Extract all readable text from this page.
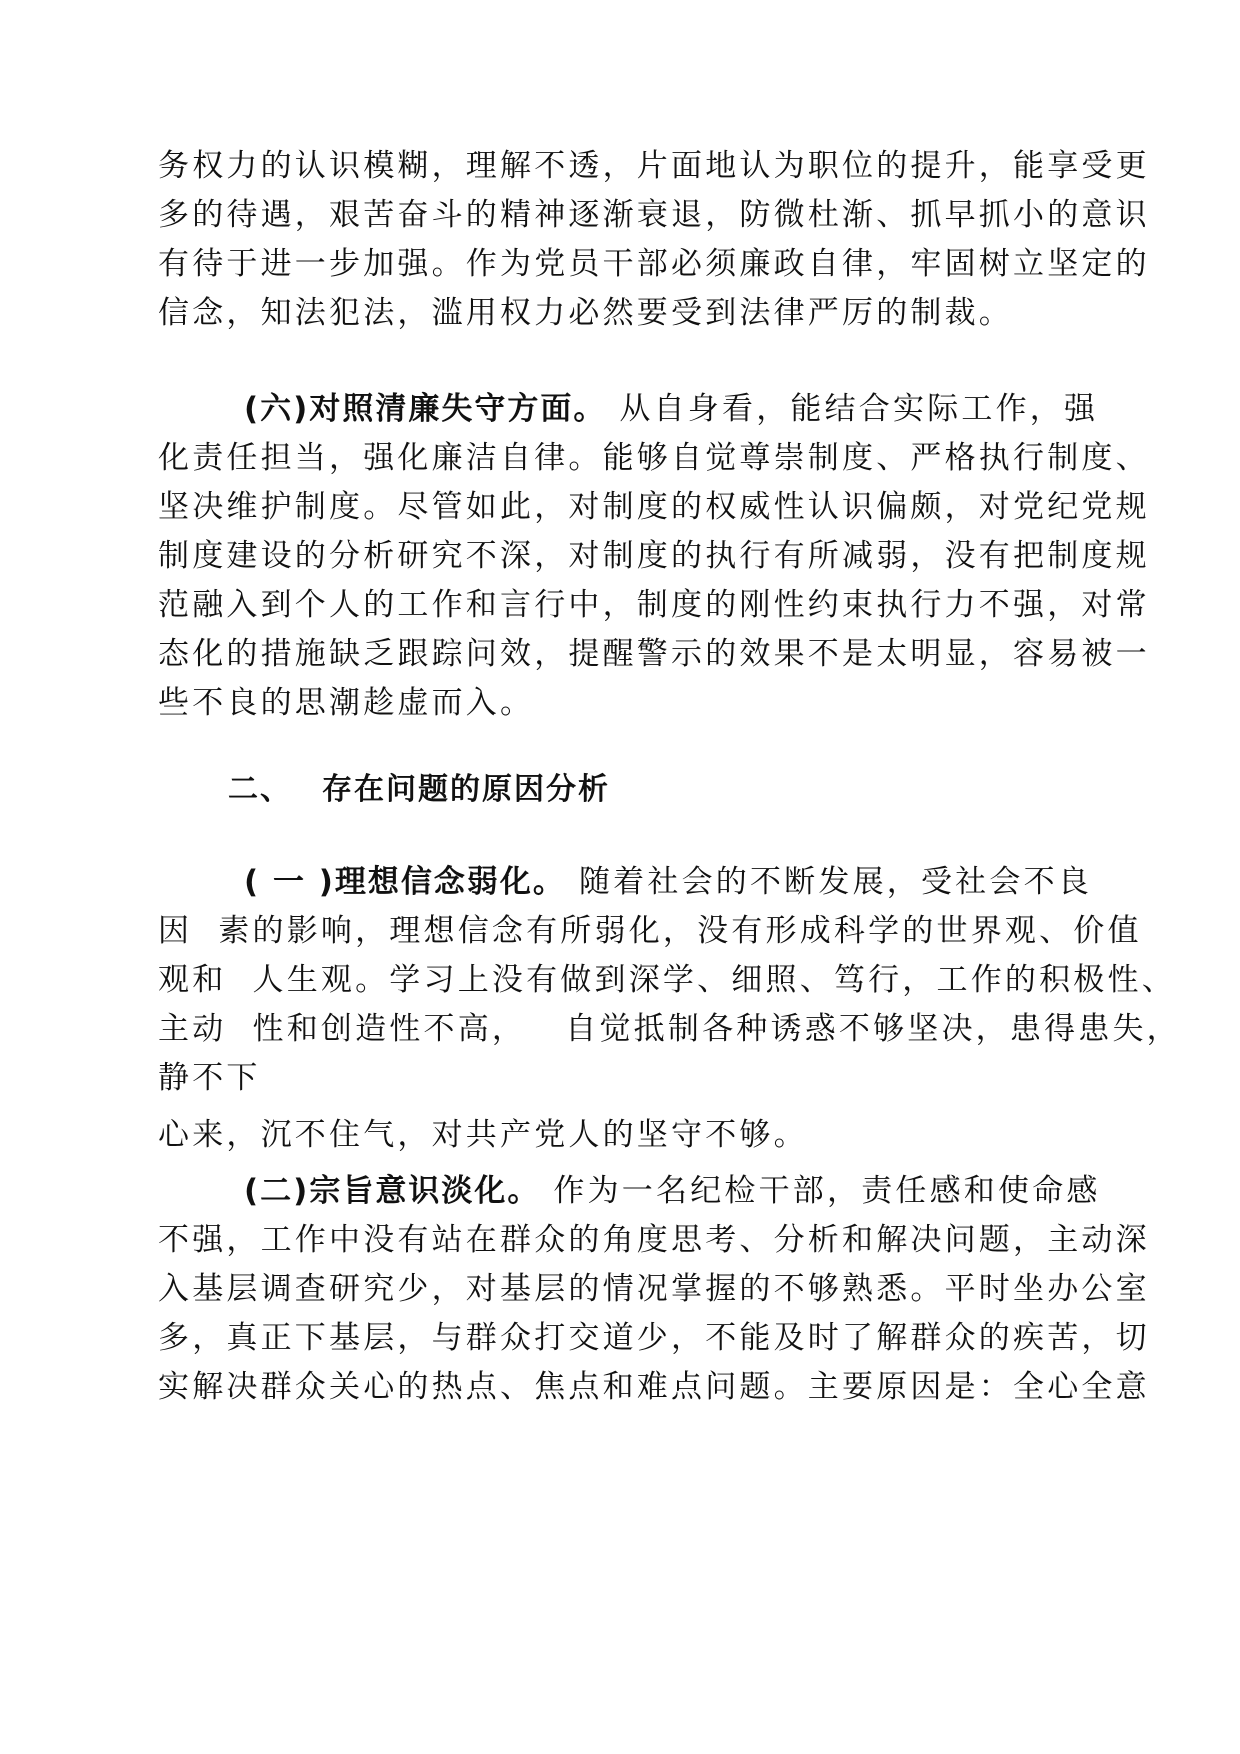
务权力的认识模糊，理解不透，片面地认为职位的提升，能享受更
多的待遇，艰苦奋斗的精神逐渐衰退，防微杜渐、抓早抓小的意识
有待于进一步加强。作为党员干部必须廉政自律，牢固树立坚定的
信念，知法犯法，滥用权力必然要受到法律严厉的制裁。
(六)对照清廉失守方面。 从自身看，能结合实际工作，强
化责任担当，强化廉洁自律。能够自觉尊崇制度、严格执行制度、
坚决维护制度。尽管如此，对制度的权威性认识偏颇，对党纪党规
制度建设的分析研究不深，对制度的执行有所减弱，没有把制度规
范融入到个人的工作和言行中，制度的刚性约束执行力不强，对常
态化的措施缺乏跟踪问效，提醒警示的效果不是太明显，容易被一
些不良的思潮趁虚而入。
二、 存在问题的原因分析
( 一 )理想信念弱化。 随着社会的不断发展，受社会不良
因  素的影响，理想信念有所弱化，没有形成科学的世界观、价值
观和  人生观。学习上没有做到深学、细照、笃行，工作的积极性、
主动  性和创造性不高，   自觉抵制各种诱惑不够坚决，患得患失，
静不下
心来，沉不住气，对共产党人的坚守不够。
(二)宗旨意识淡化。 作为一名纪检干部，责任感和使命感
不强，工作中没有站在群众的角度思考、分析和解决问题，主动深
入基层调查研究少，对基层的情况掌握的不够熟悉。平时坐办公室
多，真正下基层，与群众打交道少，不能及时了解群众的疾苦，切
实解决群众关心的热点、焦点和难点问题。主要原因是：全心全意
